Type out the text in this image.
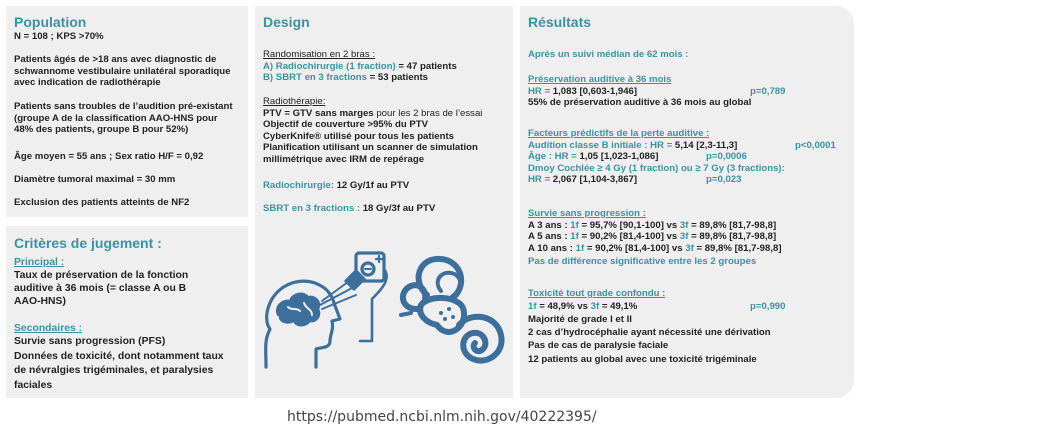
Population
N = 108 ; KPS >70%
Patients âgés de >18 ans avec diagnostic de
schwannome vestibulaire unilatéral sporadique
avec indication de radiothérapie
Patients sans troubles de l’audition pré-existant
(groupe A de la classification AAO-HNS pour
48% des patients, groupe B pour 52%)
Âge moyen = 55 ans ; Sex ratio H/F = 0,92
Diamètre tumoral maximal = 30 mm
Exclusion des patients atteints de NF2
Critères de jugement :
Principal :
Taux de préservation de la fonction
auditive à 36 mois (= classe A ou B
AAO-HNS)
Secondaires :
Survie sans progression (PFS)
Données de toxicité, dont notamment taux
de névralgies trigéminales, et paralysies
faciales
Design
Randomisation en 2 bras :
A) Radiochirurgie (1 fraction) = 47 patients
B) SBRT en 3 fractions = 53 patients
Radiothérapie:
PTV = GTV sans marges pour les 2 bras de l’essai
Objectif de couverture >95% du PTV
CyberKnife® utilisé pour tous les patients
Planification utilisant un scanner de simulation
millimétrique avec IRM de repérage
Radiochirurgie: 12 Gy/1f au PTV
SBRT en 3 fractions : 18 Gy/3f au PTV
Résultats
Après un suivi médian de 62 mois :
Préservation auditive à 36 mois
HR = 1,083 [0,603-1,946]	p=0,789
55% de préservation auditive à 36 mois au global
Facteurs prédictifs de la perte auditive :
Audition classe B initiale : HR = 5,14 [2,3-11,3]	p<0,0001
Âge : HR = 1,05 [1,023-1,086]	p=0,0006
Dmoy Cochlée ≥ 4 Gy (1 fraction) ou ≥ 7 Gy (3 fractions):
HR = 2,067 [1,104-3,867]	p=0,023
Survie sans progression :
A 3 ans : 1f = 95,7% [90,1-100] vs 3f = 89,8% [81,7-98,8]
A 5 ans : 1f = 90,2% [81,4-100] vs 3f = 89,8% [81,7-98,8]
A 10 ans : 1f = 90,2% [81,4-100] vs 3f = 89,8% [81,7-98,8]
Pas de différence significative entre les 2 groupes
Toxicité tout grade confondu :
1f = 48,9% vs 3f = 49,1%	p=0,990
Majorité de grade I et II
2 cas d’hydrocéphalie ayant nécessité une dérivation
Pas de cas de paralysie faciale
12 patients au global avec une toxicité trigéminale
https://pubmed.ncbi.nlm.nih.gov/40222395/
